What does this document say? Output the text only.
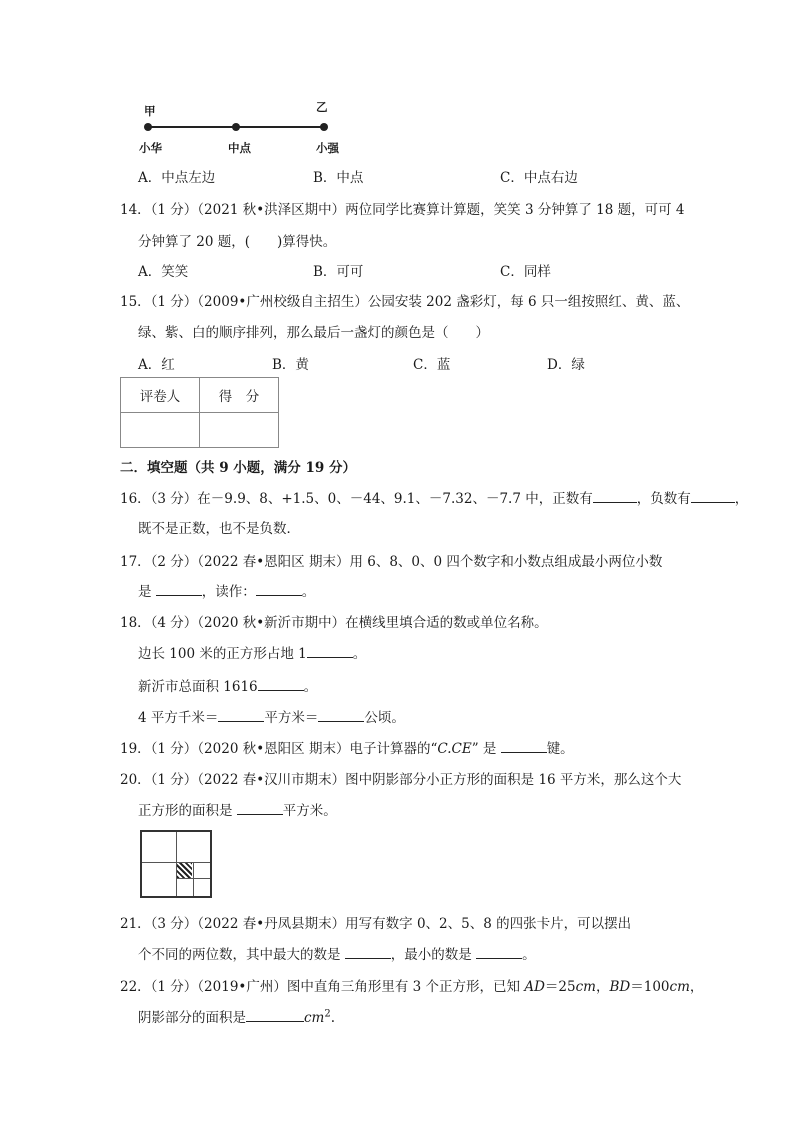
甲	乙
小华	中点	小强
A．中点左边	B．中点	C．中点右边
14．（1 分）（2021 秋•洪泽区期中）两位同学比赛算计算题，笑笑 3 分钟算了 18 题，可可 4
分钟算了 20 题，(　　)算得快。
A．笑笑	B．可可	C．同样
15．（1 分）（2009•广州校级自主招生）公园安装 202 盏彩灯，每 6 只一组按照红、黄、蓝、
绿、紫、白的顺序排列，那么最后一盏灯的颜色是（　　）
A．红	B．黄	C．蓝	D．绿
评卷人	得　分

二．填空题（共 9 小题，满分 19 分）
16．（3 分）在－9.9、8、+1.5、0、－44、9.1、－7.32、－7.7 中，正数有	，负数有	，
既不是正数，也不是负数．
17．（2 分）（2022 春•恩阳区 期末）用 6、8、0、0 四个数字和小数点组成最小两位小数
是	，读作：	。
18．（4 分）（2020 秋•新沂市期中）在横线里填合适的数或单位名称。
边长 100 米的正方形占地 1	。
新沂市总面积 1616	。
4 平方千米＝	平方米＝	公顷。
19．（1 分）（2020 秋•恩阳区 期末）电子计算器的“C.CE” 是	键。
20．（1 分）（2022 春•汉川市期末）图中阴影部分小正方形的面积是 16 平方米，那么这个大
正方形的面积是	平方米。
21．（3 分）（2022 春•丹凤县期末）用写有数字 0、2、5、8 的四张卡片，可以摆出
个不同的两位数，其中最大的数是	，最小的数是	。
22．（1 分）（2019•广州）图中直角三角形里有 3 个正方形，已知 AD＝25cm，BD＝100cm，
阴影部分的面积是	$cm^2$.
